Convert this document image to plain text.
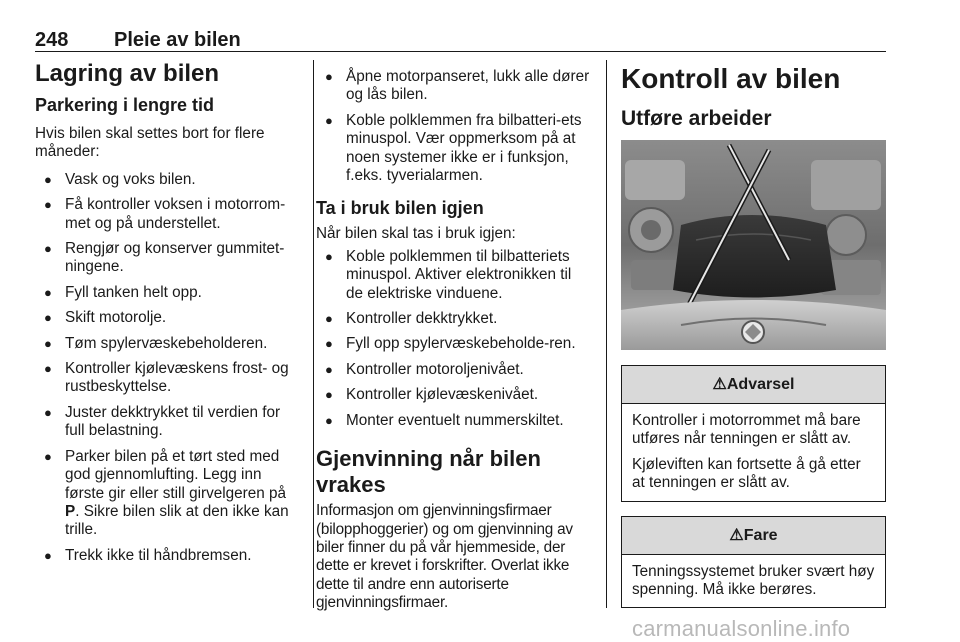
248 Pleie av bilen
Lagring av bilen
Parkering i lengre tid

Hvis bilen skal settes bort for flere måneder:

● Vask og voks bilen.
● Få kontroller voksen i motorrom-met og på understellet.
● Rengjør og konserver gummitet-ningene.
● Fyll tanken helt opp.
● Skift motorolje.
● Tøm spylervæskebeholderen.
● Kontroller kjølevæskens frost- og rustbeskyttelse.
● Juster dekktrykket til verdien for full belastning.
● Parker bilen på et tørt sted med god gjennomlufting. Legg inn første gir eller still girvelgeren på P. Sikre bilen slik at den ikke kan trille.
● Trekk ikke til håndbremsen.
● Åpne motorpanseret, lukk alle dører og lås bilen.
● Koble polklemmen fra bilbatteri-ets minuspol. Vær oppmerksom på at noen systemer ikke er i funksjon, f.eks. tyverialarmen.
Ta i bruk bilen igjen

Når bilen skal tas i bruk igjen:

● Koble polklemmen til bilbatteriets minuspol. Aktiver elektronikken til de elektriske vinduene.
● Kontroller dekktrykket.
● Fyll opp spylervæskebeholde-ren.
● Kontroller motoroljenivået.
● Kontroller kjølevæskenivået.
● Monter eventuelt nummerskiltet.
Gjenvinning når bilen vrakes

Informasjon om gjenvinningsfirmaer (bilopphoggerier) og om gjenvinning av biler finner du på vår hjemmeside, der dette er krevet i forskrifter. Overlat ikke dette til andre enn autoriserte gjenvinningsfirmaer.

Kontroll av bilen
Utføre arbeider
⚠Advarsel

Kontroller i motorrommet må bare utføres når tenningen er slått av.

Kjøleviften kan fortsette å gå etter at tenningen er slått av.

⚠Fare

Tenningssystemet bruker svært høy spenning. Må ikke berøres.

carmanualsonline.info
